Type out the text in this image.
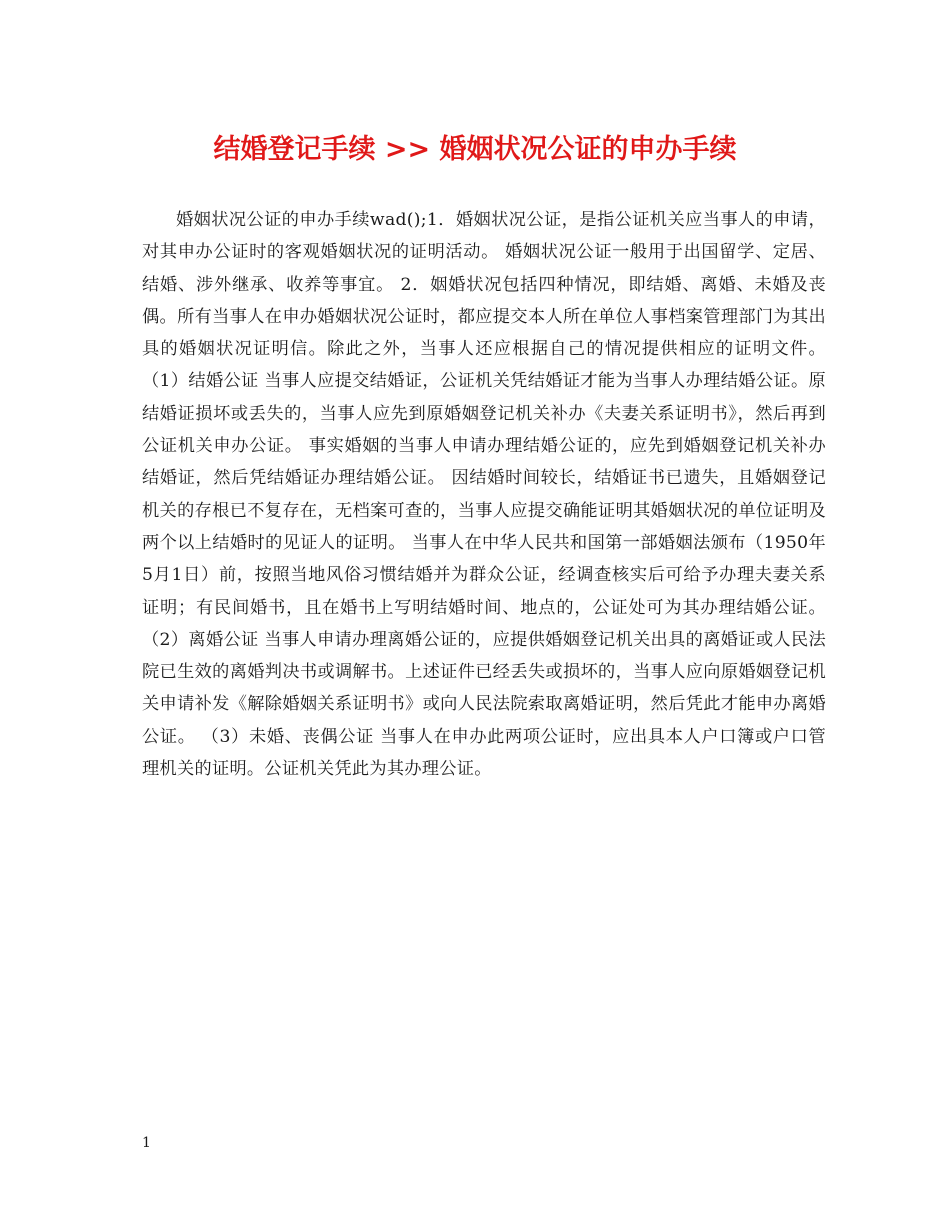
结婚登记手续 >> 婚姻状况公证的申办手续

婚姻状况公证的申办手续wad();1．婚姻状况公证，是指公证机关应当事人的申请，对其申办公证时的客观婚姻状况的证明活动。 婚姻状况公证一般用于出国留学、定居、结婚、涉外继承、收养等事宜。 2．姻婚状况包括四种情况，即结婚、离婚、未婚及丧偶。所有当事人在申办婚姻状况公证时，都应提交本人所在单位人事档案管理部门为其出具的婚姻状况证明信。除此之外，当事人还应根据自己的情况提供相应的证明文件。 （1）结婚公证 当事人应提交结婚证，公证机关凭结婚证才能为当事人办理结婚公证。原结婚证损坏或丢失的，当事人应先到原婚姻登记机关补办《夫妻关系证明书》，然后再到公证机关申办公证。 事实婚姻的当事人申请办理结婚公证的，应先到婚姻登记机关补办结婚证，然后凭结婚证办理结婚公证。 因结婚时间较长，结婚证书已遗失，且婚姻登记机关的存根已不复存在，无档案可查的，当事人应提交确能证明其婚姻状况的单位证明及两个以上结婚时的见证人的证明。 当事人在中华人民共和国第一部婚姻法颁布（1950年5月1日）前，按照当地风俗习惯结婚并为群众公证，经调查核实后可给予办理夫妻关系证明；有民间婚书，且在婚书上写明结婚时间、地点的，公证处可为其办理结婚公证。 （2）离婚公证 当事人申请办理离婚公证的，应提供婚姻登记机关出具的离婚证或人民法院已生效的离婚判决书或调解书。上述证件已经丢失或损坏的，当事人应向原婚姻登记机关申请补发《解除婚姻关系证明书》或向人民法院索取离婚证明，然后凭此才能申办离婚公证。 （3）未婚、丧偶公证 当事人在申办此两项公证时，应出具本人户口簿或户口管理机关的证明。公证机关凭此为其办理公证。

1
